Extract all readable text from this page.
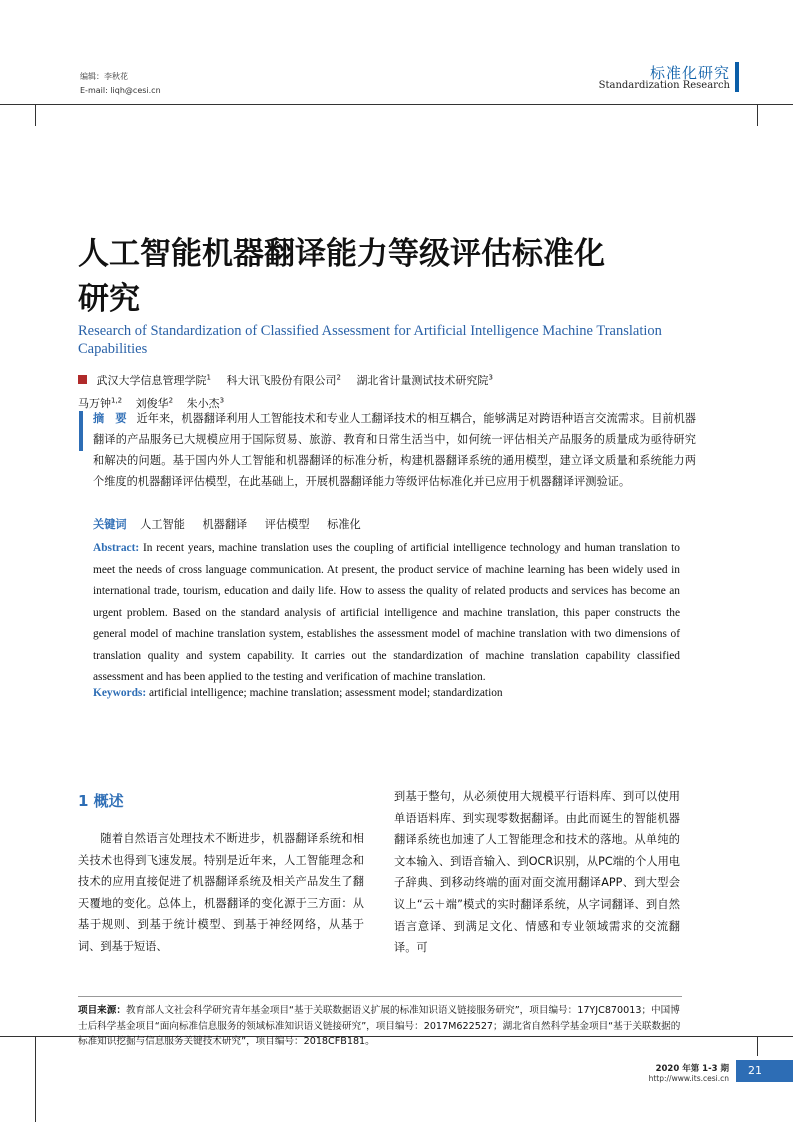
编辑：李秋花
E-mail: liqh@cesi.cn
标准化研究
Standardization Research
人工智能机器翻译能力等级评估标准化
研究
Research of Standardization of Classified Assessment for Artificial Intelligence Machine Translation Capabilities
武汉大学信息管理学院$^1$ 科大讯飞股份有限公司$^2$ 湖北省计量测试技术研究院$^3$
马万钟$^{1,2}$ 刘俊华$^2$ 朱小杰$^3$
摘　要 近年来，机器翻译利用人工智能技术和专业人工翻译技术的相互耦合，能够满足对跨语种语言交流需求。目前机器翻译的产品服务已大规模应用于国际贸易、旅游、教育和日常生活当中，如何统一评估相关产品服务的质量成为亟待研究和解决的问题。基于国内外人工智能和机器翻译的标准分析，构建机器翻译系统的通用模型，建立译文质量和系统能力两个维度的机器翻译评估模型，在此基础上，开展机器翻译能力等级评估标准化并已应用于机器翻译评测验证。
关键词 人工智能 机器翻译 评估模型 标准化
Abstract: In recent years, machine translation uses the coupling of artificial intelligence technology and human translation to meet the needs of cross language communication. At present, the product service of machine learning has been widely used in international trade, tourism, education and daily life. How to assess the quality of related products and services has become an urgent problem. Based on the standard analysis of artificial intelligence and machine translation, this paper constructs the general model of machine translation system, establishes the assessment model of machine translation with two dimensions of translation quality and system capability. It carries out the standardization of machine translation capability classified assessment and has been applied to the testing and verification of machine translation.
Keywords: artificial intelligence; machine translation; assessment model; standardization
1 概述

随着自然语言处理技术不断进步，机器翻译系统和相关技术也得到飞速发展。特别是近年来，人工智能理念和技术的应用直接促进了机器翻译系统及相关产品发生了翻天覆地的变化。总体上，机器翻译的变化源于三方面：从基于规则、到基于统计模型、到基于神经网络，从基于词、到基于短语、

到基于整句，从必须使用大规模平行语料库、到可以使用单语语料库、到实现零数据翻译。由此而诞生的智能机器翻译系统也加速了人工智能理念和技术的落地。从单纯的文本输入、到语音输入、到OCR识别，从PC端的个人用电子辞典、到移动终端的面对面交流用翻译APP、到大型会议上“云＋端”模式的实时翻译系统，从字词翻译、到自然语言意译、到满足文化、情感和专业领域需求的交流翻译。可

项目来源：教育部人文社会科学研究青年基金项目“基于关联数据语义扩展的标准知识语义链接服务研究”，项目编号：17YJC870013；中国博士后科学基金项目“面向标准信息服务的领域标准知识语义链接研究”，项目编号：2017M622527；湖北省自然科学基金项目“基于关联数据的标准知识挖掘与信息服务关键技术研究”，项目编号：2018CFB181。
2020 年第 1-3 期
http://www.its.cesi.cn
21
